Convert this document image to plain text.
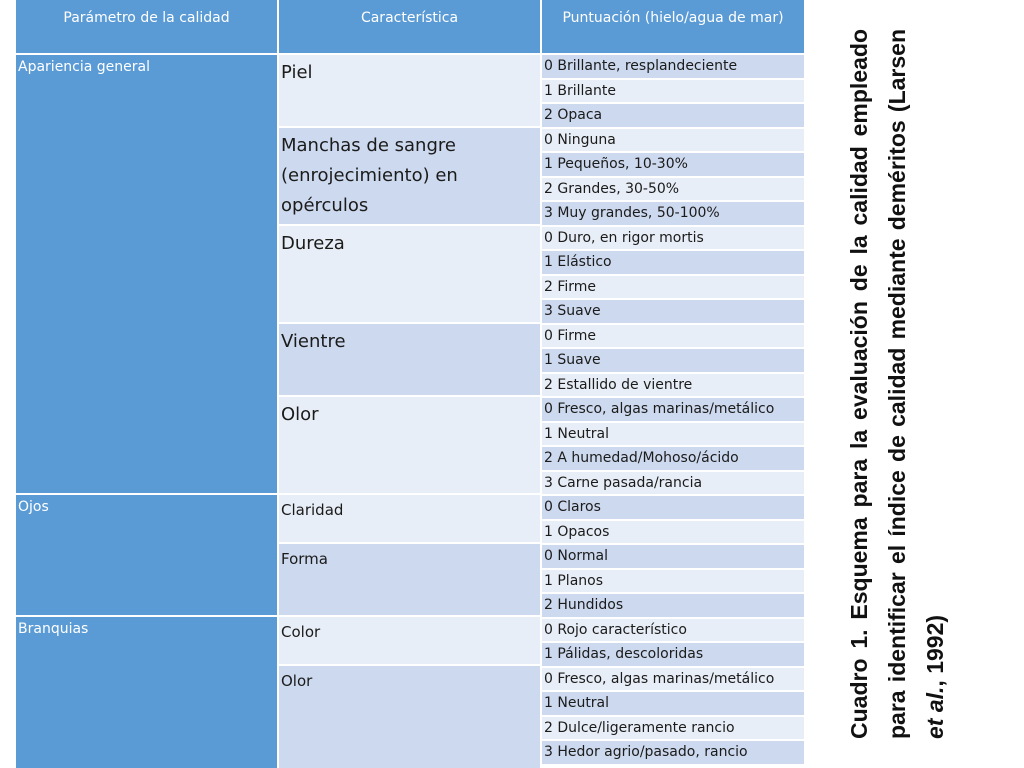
Parámetro de la calidad	Característica	Puntuación (hielo/agua de mar)
Apariencia general
Ojos
Branquias
Piel
Manchas de sangre (enrojecimiento) en opérculos
Dureza
Vientre
Olor
Claridad
Forma
Color
Olor
0 Brillante, resplandeciente
1 Brillante
2 Opaca
0 Ninguna
1 Pequeños, 10-30%
2 Grandes, 30-50%
3 Muy grandes, 50-100%
0 Duro, en rigor mortis
1 Elástico
2 Firme
3 Suave
0 Firme
1 Suave
2 Estallido de vientre
0 Fresco, algas marinas/metálico
1 Neutral
2 A humedad/Mohoso/ácido
3 Carne pasada/rancia
0 Claros
1 Opacos
0 Normal
1 Planos
2 Hundidos
0 Rojo característico
1 Pálidas, descoloridas
0 Fresco, algas marinas/metálico
1 Neutral
2 Dulce/ligeramente rancio
3 Hedor agrio/pasado, rancio
Cuadro 1. Esquema para la evaluación de la calidad empleado para identificar el índice de calidad mediante deméritos (Larsen et al., 1992)
